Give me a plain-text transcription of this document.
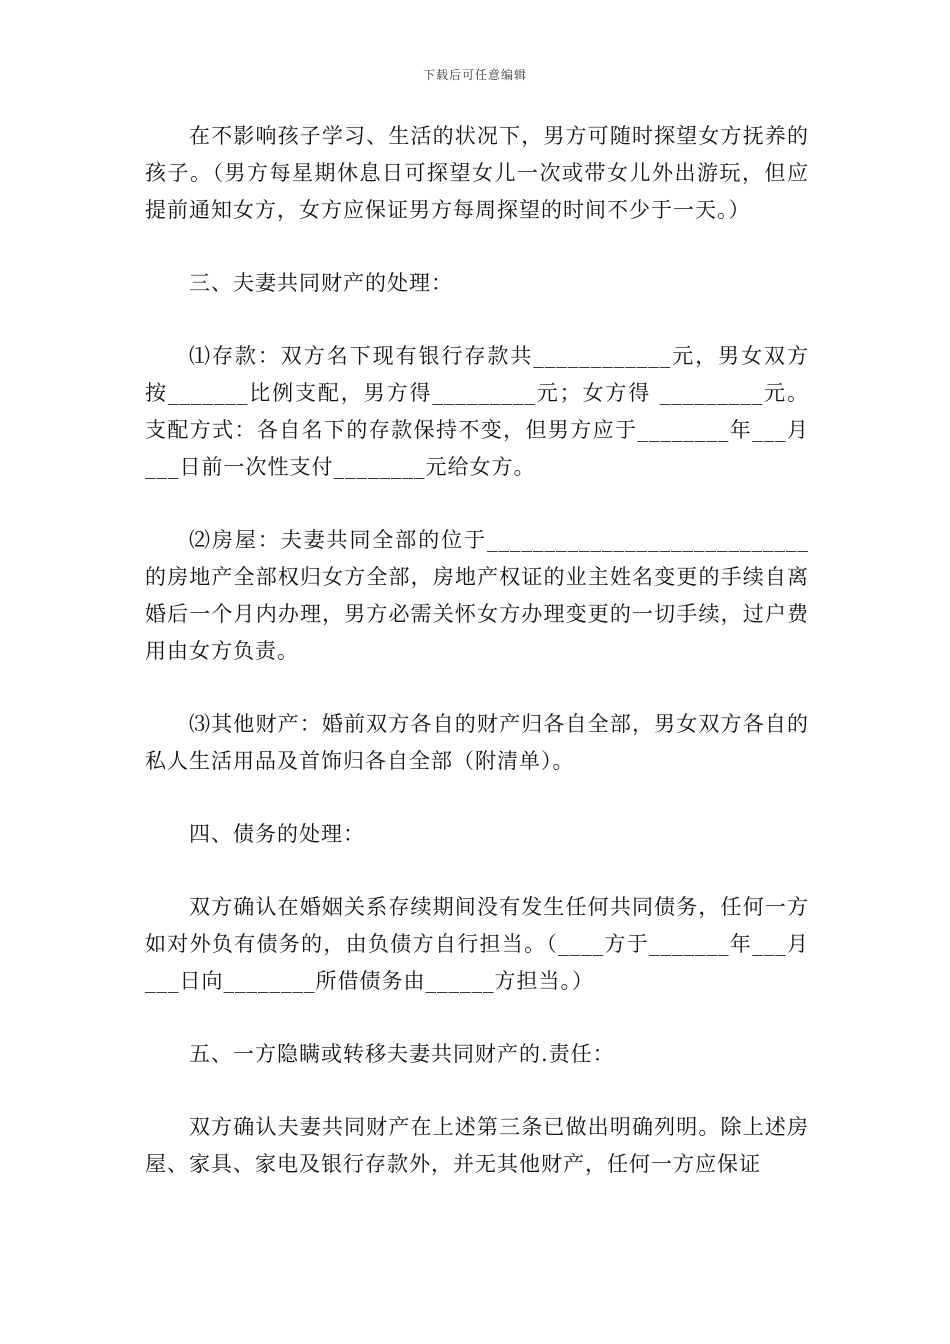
下载后可任意编辑

在不影响孩子学习、生活的状况下，男方可随时探望女方抚养的孩子。（男方每星期休息日可探望女儿一次或带女儿外出游玩，但应提前通知女方，女方应保证男方每周探望的时间不少于一天。）

三、夫妻共同财产的处理：

⑴存款：双方名下现有银行存款共____________元，男女双方按_______比例支配，男方得_________元；女方得 _________元。支配方式：各自名下的存款保持不变，但男方应于________年___月___日前一次性支付________元给女方。

⑵房屋：夫妻共同全部的位于____________________________的房地产全部权归女方全部，房地产权证的业主姓名变更的手续自离婚后一个月内办理，男方必需关怀女方办理变更的一切手续，过户费用由女方负责。

⑶其他财产：婚前双方各自的财产归各自全部，男女双方各自的私人生活用品及首饰归各自全部（附清单）。

四、债务的处理：

双方确认在婚姻关系存续期间没有发生任何共同债务，任何一方如对外负有债务的，由负债方自行担当。（____方于_______年___月___日向________所借债务由______方担当。）

五、一方隐瞒或转移夫妻共同财产的.责任：

双方确认夫妻共同财产在上述第三条已做出明确列明。除上述房屋、家具、家电及银行存款外，并无其他财产，任何一方应保证
